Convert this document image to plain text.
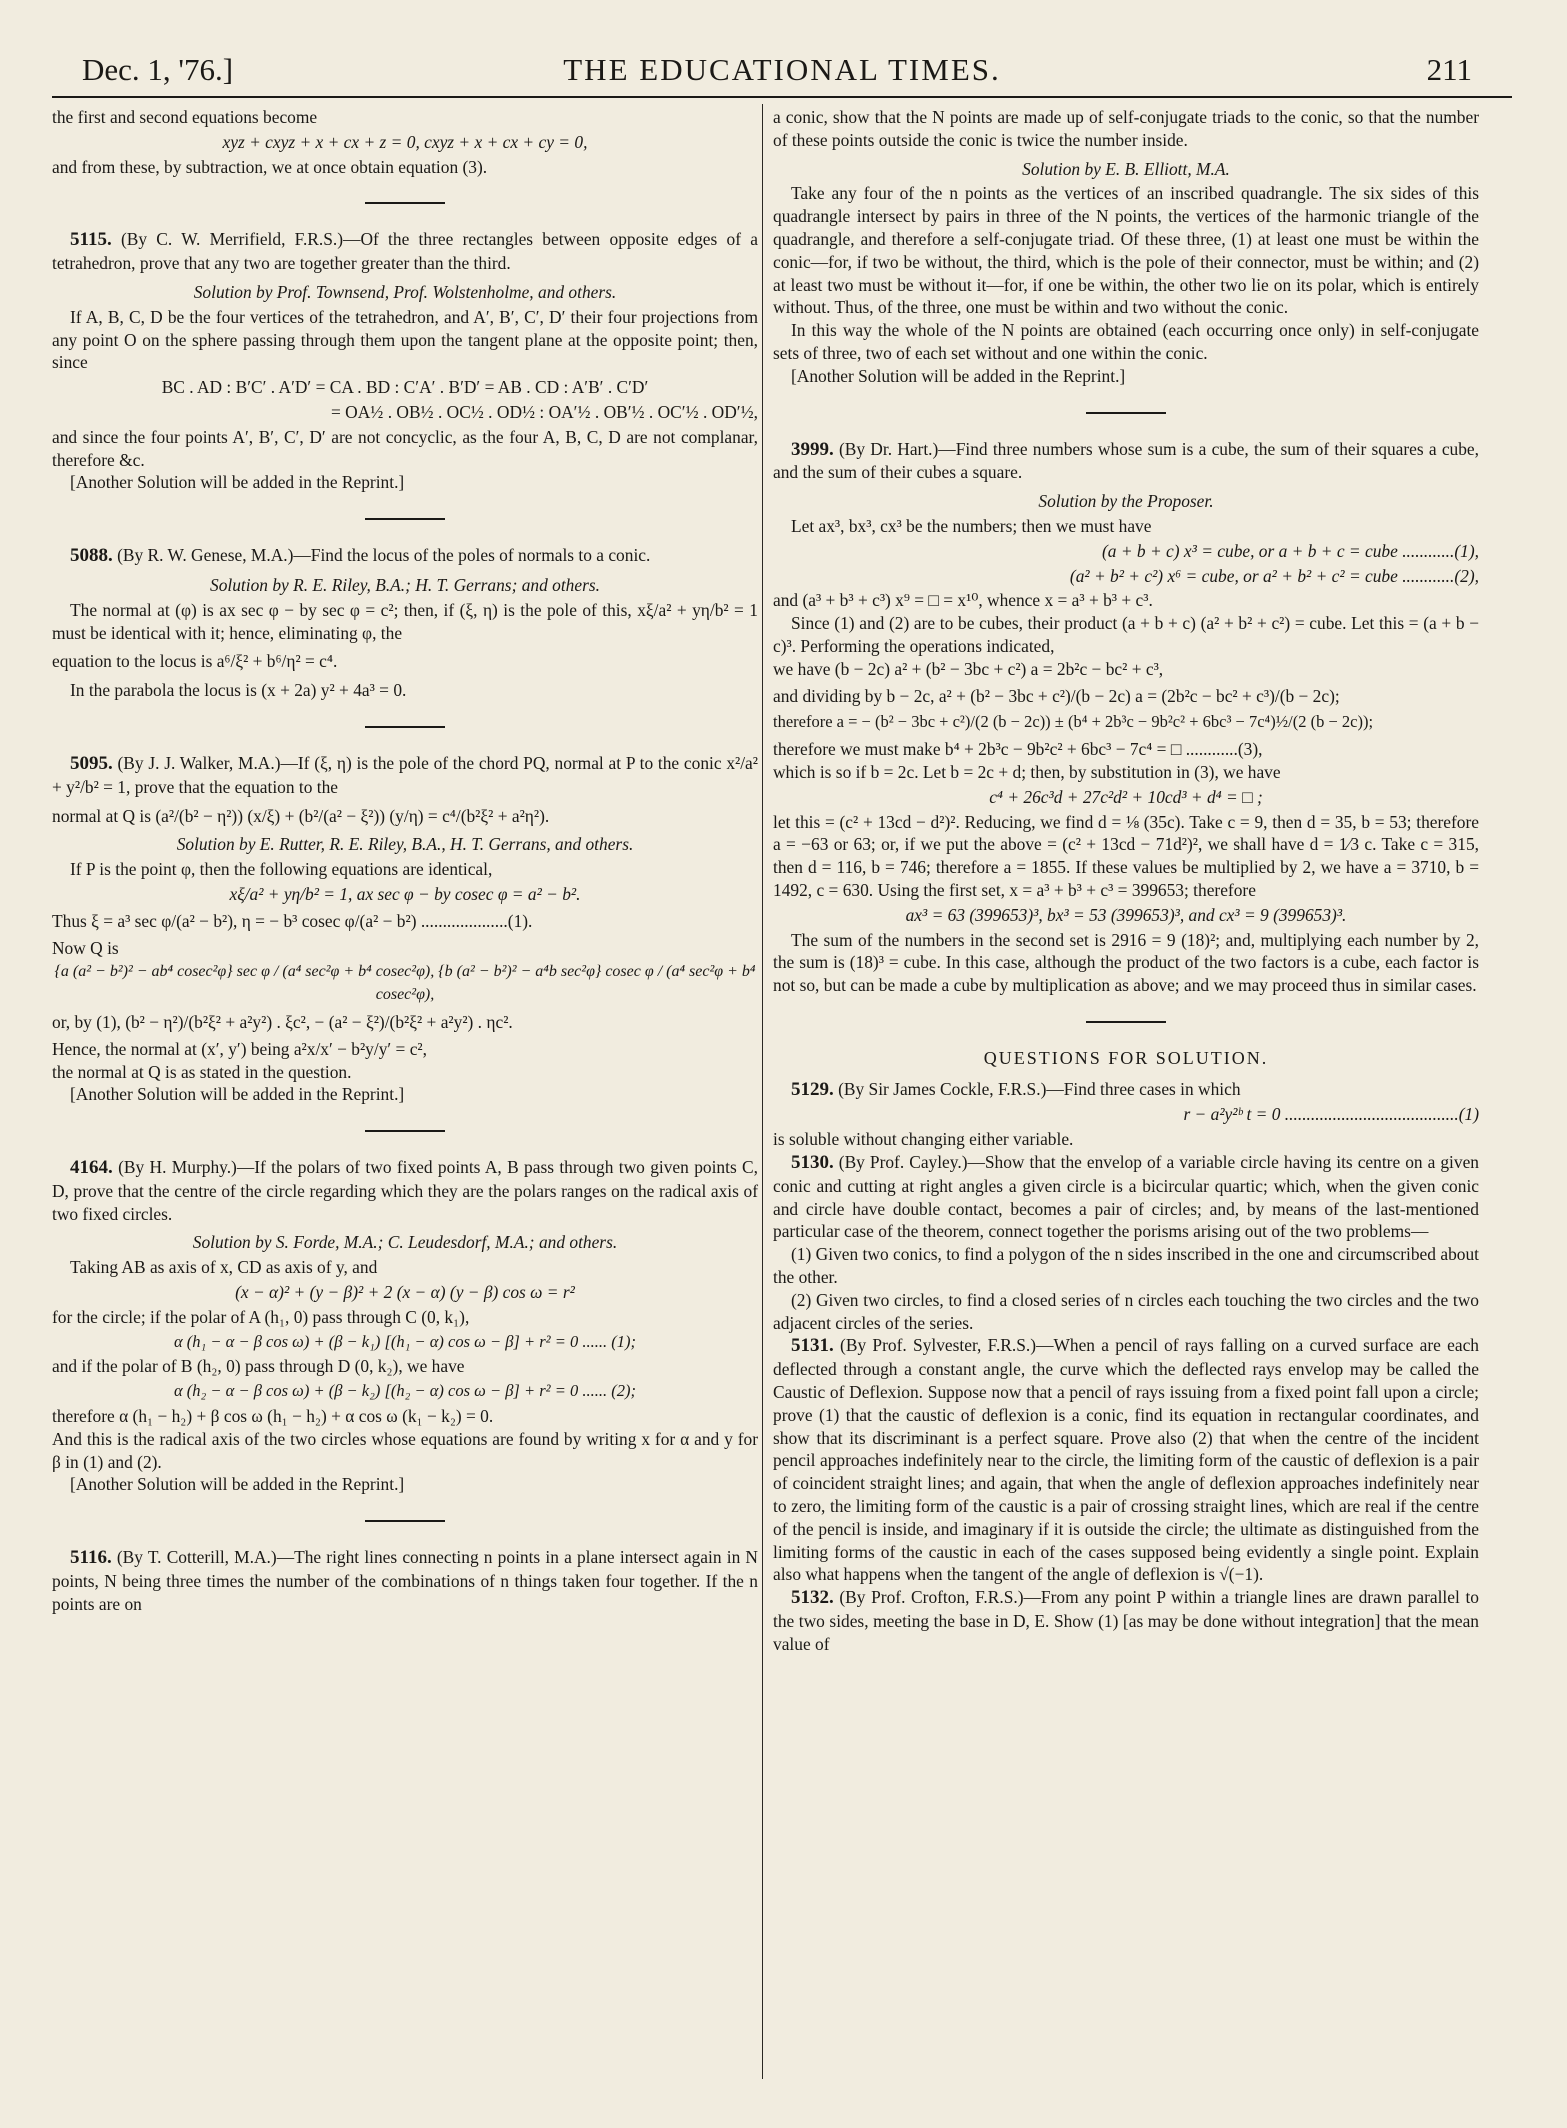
Dec. 1, '76.]	THE EDUCATIONAL TIMES.	211

the first and second equations become

xyz + cxyz + x + cx + z = 0, cxyz + x + cx + cy = 0,

and from these, by subtraction, we at once obtain equation (3).

5115. (By C. W. Merrifield, F.R.S.)—Of the three rectangles between opposite edges of a tetrahedron, prove that any two are together greater than the third.

Solution by Prof. Townsend, Prof. Wolstenholme, and others.

If A, B, C, D be the four vertices of the tetrahedron, and A′, B′, C′, D′ their four projections from any point O on the sphere passing through them upon the tangent plane at the opposite point; then, since

BC . AD : B′C′ . A′D′ = CA . BD : C′A′ . B′D′ = AB . CD : A′B′ . C′D′
= OA½ . OB½ . OC½ . OD½ : OA′½ . OB′½ . OC′½ . OD′½,

and since the four points A′, B′, C′, D′ are not concyclic, as the four A, B, C, D are not complanar, therefore &c.

[Another Solution will be added in the Reprint.]

5088. (By R. W. Genese, M.A.)—Find the locus of the poles of normals to a conic.

Solution by R. E. Riley, B.A.; H. T. Gerrans; and others.

The normal at (φ) is ax sec φ − by sec φ = c²; then, if (ξ, η) is the pole of this, xξ/a² + yη/b² = 1 must be identical with it; hence, eliminating φ, the

equation to the locus is a⁶/ξ² + b⁶/η² = c⁴.

In the parabola the locus is (x + 2a) y² + 4a³ = 0.

5095. (By J. J. Walker, M.A.)—If (ξ, η) is the pole of the chord PQ, normal at P to the conic x²/a² + y²/b² = 1, prove that the equation to the

normal at Q is (a²/(b² − η²)) (x/ξ) + (b²/(a² − ξ²)) (y/η) = c⁴/(b²ξ² + a²η²).

Solution by E. Rutter, R. E. Riley, B.A., H. T. Gerrans, and others.

If P is the point φ, then the following equations are identical,

xξ/a² + yη/b² = 1, ax sec φ − by cosec φ = a² − b².

Thus ξ = a³ sec φ/(a² − b²), η = − b³ cosec φ/(a² − b²) ....................(1).

Now Q is

{a (a² − b²)² − ab⁴ cosec²φ} sec φ / (a⁴ sec²φ + b⁴ cosec²φ), {b (a² − b²)² − a⁴b sec²φ} cosec φ / (a⁴ sec²φ + b⁴ cosec²φ),

or, by (1), (b² − η²)/(b²ξ² + a²y²) . ξc², − (a² − ξ²)/(b²ξ² + a²y²) . ηc².

Hence, the normal at (x′, y′) being a²x/x′ − b²y/y′ = c²,

the normal at Q is as stated in the question.

[Another Solution will be added in the Reprint.]

4164. (By H. Murphy.)—If the polars of two fixed points A, B pass through two given points C, D, prove that the centre of the circle regarding which they are the polars ranges on the radical axis of two fixed circles.

Solution by S. Forde, M.A.; C. Leudesdorf, M.A.; and others.

Taking AB as axis of x, CD as axis of y, and

(x − α)² + (y − β)² + 2 (x − α) (y − β) cos ω = r²

for the circle; if the polar of A (h₁, 0) pass through C (0, k₁),

α (h₁ − α − β cos ω) + (β − k₁) [(h₁ − α) cos ω − β] + r² = 0 ...... (1);

and if the polar of B (h₂, 0) pass through D (0, k₂), we have

α (h₂ − α − β cos ω) + (β − k₂) [(h₂ − α) cos ω − β] + r² = 0 ...... (2);

therefore α (h₁ − h₂) + β cos ω (h₁ − h₂) + α cos ω (k₁ − k₂) = 0.

And this is the radical axis of the two circles whose equations are found by writing x for α and y for β in (1) and (2).

[Another Solution will be added in the Reprint.]

5116. (By T. Cotterill, M.A.)—The right lines connecting n points in a plane intersect again in N points, N being three times the number of the combinations of n things taken four together. If the n points are on

a conic, show that the N points are made up of self-conjugate triads to the conic, so that the number of these points outside the conic is twice the number inside.

Solution by E. B. Elliott, M.A.

Take any four of the n points as the vertices of an inscribed quadrangle. The six sides of this quadrangle intersect by pairs in three of the N points, the vertices of the harmonic triangle of the quadrangle, and therefore a self-conjugate triad. Of these three, (1) at least one must be within the conic—for, if two be without, the third, which is the pole of their connector, must be within; and (2) at least two must be without it—for, if one be within, the other two lie on its polar, which is entirely without. Thus, of the three, one must be within and two without the conic.

In this way the whole of the N points are obtained (each occurring once only) in self-conjugate sets of three, two of each set without and one within the conic.

[Another Solution will be added in the Reprint.]

3999. (By Dr. Hart.)—Find three numbers whose sum is a cube, the sum of their squares a cube, and the sum of their cubes a square.

Solution by the Proposer.

Let ax³, bx³, cx³ be the numbers; then we must have

(a + b + c) x³ = cube, or a + b + c = cube ............(1),
(a² + b² + c²) x⁶ = cube, or a² + b² + c² = cube ............(2),

and (a³ + b³ + c³) x⁹ = □ = x¹⁰, whence x = a³ + b³ + c³.

Since (1) and (2) are to be cubes, their product (a + b + c) (a² + b² + c²) = cube. Let this = (a + b − c)³. Performing the operations indicated,

we have (b − 2c) a² + (b² − 3bc + c²) a = 2b²c − bc² + c³,

and dividing by b − 2c, a² + (b² − 3bc + c²)/(b − 2c) a = (2b²c − bc² + c³)/(b − 2c);

therefore a = − (b² − 3bc + c²)/(2 (b − 2c)) ± (b⁴ + 2b³c − 9b²c² + 6bc³ − 7c⁴)½/(2 (b − 2c));

therefore we must make b⁴ + 2b³c − 9b²c² + 6bc³ − 7c⁴ = □ ............(3),

which is so if b = 2c. Let b = 2c + d; then, by substitution in (3), we have

c⁴ + 26c³d + 27c²d² + 10cd³ + d⁴ = □ ;

let this = (c² + 13cd − d²)². Reducing, we find d = ⅛ (35c). Take c = 9, then d = 35, b = 53; therefore a = −63 or 63; or, if we put the above = (c² + 13cd − 71d²)², we shall have d = 1⁄3 c. Take c = 315, then d = 116, b = 746; therefore a = 1855. If these values be multiplied by 2, we have a = 3710, b = 1492, c = 630. Using the first set, x = a³ + b³ + c³ = 399653; therefore

ax³ = 63 (399653)³, bx³ = 53 (399653)³, and cx³ = 9 (399653)³.

The sum of the numbers in the second set is 2916 = 9 (18)²; and, multiplying each number by 2, the sum is (18)³ = cube. In this case, although the product of the two factors is a cube, each factor is not so, but can be made a cube by multiplication as above; and we may proceed thus in similar cases.

QUESTIONS FOR SOLUTION.

5129. (By Sir James Cockle, F.R.S.)—Find three cases in which

r − a²y²ᵇ t = 0 ........................................(1)

is soluble without changing either variable.

5130. (By Prof. Cayley.)—Show that the envelop of a variable circle having its centre on a given conic and cutting at right angles a given circle is a bicircular quartic; which, when the given conic and circle have double contact, becomes a pair of circles; and, by means of the last-mentioned particular case of the theorem, connect together the porisms arising out of the two problems—

(1) Given two conics, to find a polygon of the n sides inscribed in the one and circumscribed about the other.

(2) Given two circles, to find a closed series of n circles each touching the two circles and the two adjacent circles of the series.

5131. (By Prof. Sylvester, F.R.S.)—When a pencil of rays falling on a curved surface are each deflected through a constant angle, the curve which the deflected rays envelop may be called the Caustic of Deflexion. Suppose now that a pencil of rays issuing from a fixed point fall upon a circle; prove (1) that the caustic of deflexion is a conic, find its equation in rectangular coordinates, and show that its discriminant is a perfect square. Prove also (2) that when the centre of the incident pencil approaches indefinitely near to the circle, the limiting form of the caustic of deflexion is a pair of coincident straight lines; and again, that when the angle of deflexion approaches indefinitely near to zero, the limiting form of the caustic is a pair of crossing straight lines, which are real if the centre of the pencil is inside, and imaginary if it is outside the circle; the ultimate as distinguished from the limiting forms of the caustic in each of the cases supposed being evidently a single point. Explain also what happens when the tangent of the angle of deflexion is √(−1).

5132. (By Prof. Crofton, F.R.S.)—From any point P within a triangle lines are drawn parallel to the two sides, meeting the base in D, E. Show (1) [as may be done without integration] that the mean value of
